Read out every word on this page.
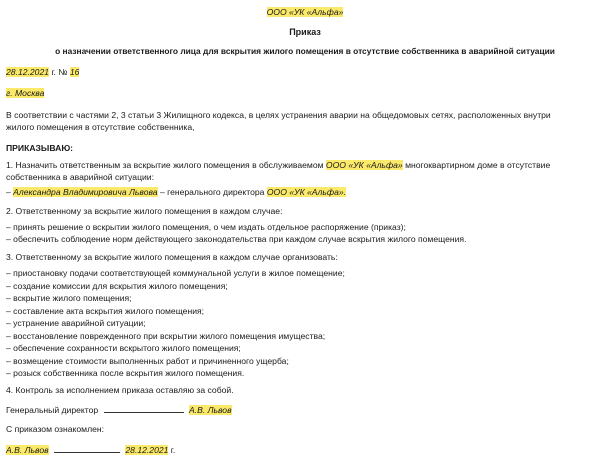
ООО «УК «Альфа»
Приказ
о назначении ответственного лица для вскрытия жилого помещения в отсутствие собственника в аварийной ситуации
28.12.2021 г. № 16
г. Москва
В соответствии с частями 2, 3 статьи 3 Жилищного кодекса, в целях устранения аварии на общедомовых сетях, расположенных внутри
жилого помещения в отсутствие собственника,
ПРИКАЗЫВАЮ:
1. Назначить ответственным за вскрытие жилого помещения в обслуживаемом ООО «УК «Альфа» многоквартирном доме в отсутствие
собственника в аварийной ситуации:
– Александра Владимировича Львова – генерального директора ООО «УК «Альфа».
2. Ответственному за вскрытие жилого помещения в каждом случае:
– принять решение о вскрытии жилого помещения, о чем издать отдельное распоряжение (приказ);
– обеспечить соблюдение норм действующего законодательства при каждом случае вскрытия жилого помещения.
3. Ответственному за вскрытие жилого помещения в каждом случае организовать:
– приостановку подачи соответствующей коммунальной услуги в жилое помещение;
– создание комиссии для вскрытия жилого помещения;
– вскрытие жилого помещения;
– составление акта вскрытия жилого помещения;
– устранение аварийной ситуации;
– восстановление поврежденного при вскрытии жилого помещения имущества;
– обеспечение сохранности вскрытого жилого помещения;
– возмещение стоимости выполненных работ и причиненного ущерба;
– розыск собственника после вскрытия жилого помещения.
4. Контроль за исполнением приказа оставляю за собой.
Генеральный директор	А.В. Львов
С приказом ознакомлен:
А.В. Львов	28.12.2021 г.
